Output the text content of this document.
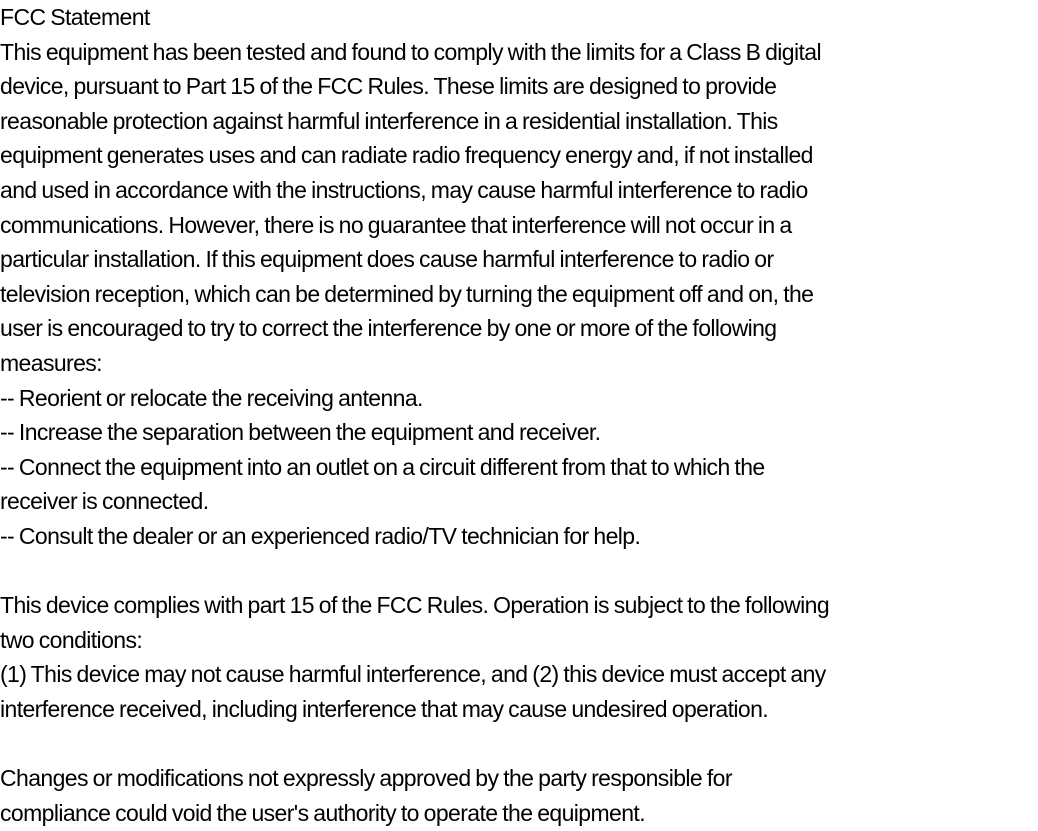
FCC Statement
This equipment has been tested and found to comply with the limits for a Class B digital
device, pursuant to Part 15 of the FCC Rules. These limits are designed to provide
reasonable protection against harmful interference in a residential installation. This
equipment generates uses and can radiate radio frequency energy and, if not installed
and used in accordance with the instructions, may cause harmful interference to radio
communications. However, there is no guarantee that interference will not occur in a
particular installation. If this equipment does cause harmful interference to radio or
television reception, which can be determined by turning the equipment off and on, the
user is encouraged to try to correct the interference by one or more of the following
measures:
-- Reorient or relocate the receiving antenna.
-- Increase the separation between the equipment and receiver.
-- Connect the equipment into an outlet on a circuit different from that to which the
receiver is connected.
-- Consult the dealer or an experienced radio/TV technician for help.
This device complies with part 15 of the FCC Rules. Operation is subject to the following
two conditions:
(1) This device may not cause harmful interference, and (2) this device must accept any
interference received, including interference that may cause undesired operation.
Changes or modifications not expressly approved by the party responsible for
compliance could void the user's authority to operate the equipment.
